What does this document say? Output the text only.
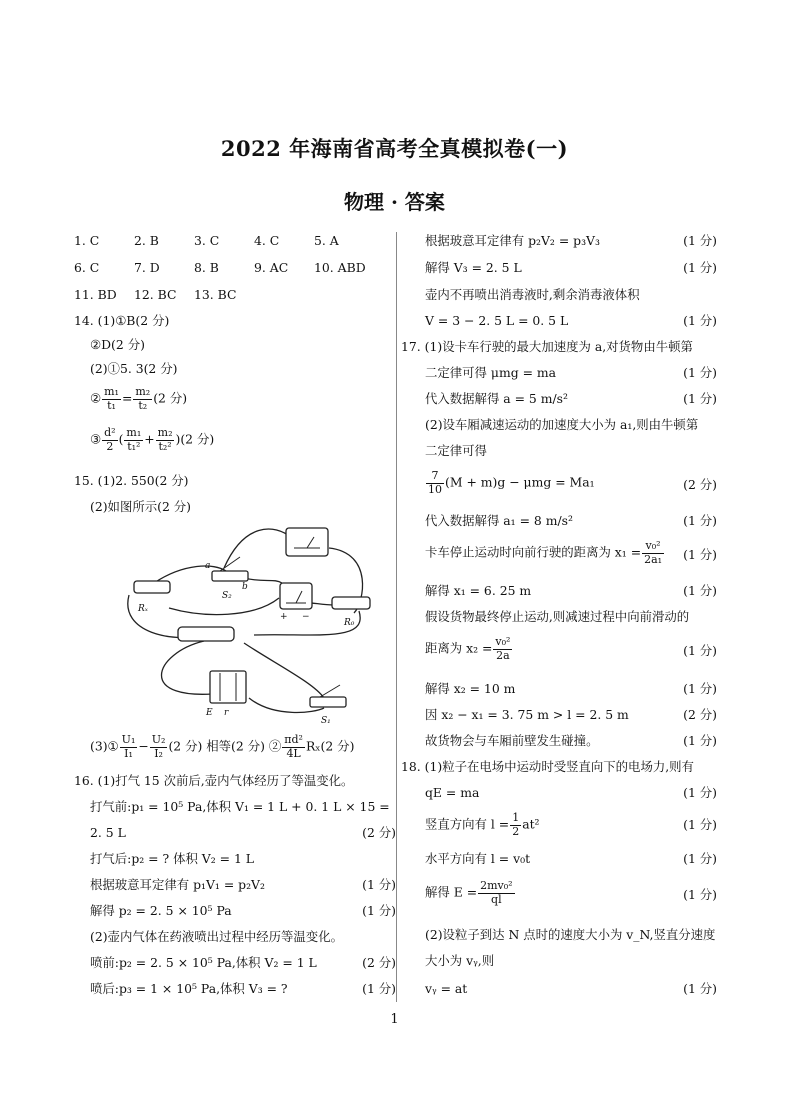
2022 年海南省高考全真模拟卷(一)
物理 · 答案
1. C	2. B	3. C	4. C	5. A
6. C	7. D	8. B	9. AC 10. ABD
11. BD 12. BC 13. BC
14. (1)①B(2 分)
②D(2 分)
(2)①5. 3(2 分)
② $\frac{\text{m₁}}{\text{t₁}} = \frac{\text{m₂}}{\text{t₂}} (2$ 分)
③ $\frac{\text{d²}}{2}$ ( $\frac{\text{m₁}}{\text{t₁²}} + \frac{\text{m₂}}{\text{t₂²}} )(2$ 分)
15. (1)2. 550(2 分)
(2)如图所示(2 分)
(3)① $\frac{\text{U₁}}{\text{I₁}} - \frac{\text{U₂}}{\text{I₂}} (2$ 分) 相等(2 分) ② $\frac{\text{πd²}}{4L} R_x(2$ 分)
16. (1)打气 15 次前后,壶内气体经历了等温变化。
打气前:p₁ = 10⁵ Pa,体积 V₁ = 1 L + 0. 1 L × 15 =
2. 5 L	(2 分)
打气后:p₂ = ? 体积 V₂ = 1 L
根据玻意耳定律有 p₁V₁ = p₂V₂	(1 分)
解得 p₂ = 2. 5 × 10⁵ Pa	(1 分)
(2)壶内气体在药液喷出过程中经历等温变化。
喷前:p₂ = 2. 5 × 10⁵ Pa,体积 V₂ = 1 L	(2 分)
喷后:p₃ = 1 × 10⁵ Pa,体积 V₃ = ?	(1 分)
a
b
S₂
Rₓ
R₀
E r
S₁
+ −
根据玻意耳定律有 p₂V₂ = p₃V₃	(1 分)
解得 V₃ = 2. 5 L	(1 分)
壶内不再喷出消毒液时,剩余消毒液体积
V = 3 − 2. 5 L = 0. 5 L	(1 分)
17. (1)设卡车行驶的最大加速度为 a,对货物由牛顿第
二定律可得 μmg = ma	(1 分)
代入数据解得 a = 5 m/s²	(1 分)
(2)设车厢减速运动的加速度大小为 a₁,则由牛顿第
二定律可得
$\frac{7}{10} (M + m)g - \mu mg = Ma_1$	(2 分)
代入数据解得 a₁ = 8 m/s²	(1 分)
卡车停止运动时向前行驶的距离为 $x_1 = \frac{\text{v₀²}}{\text{2a₁}} (1$ 分)
解得 x₁ = 6. 25 m	(1 分)
假设货物最终停止运动,则减速过程中向前滑动的
距离为 $x_2 = \frac{\text{v₀²}}{2a}$	(1 分)
解得 x₂ = 10 m	(1 分)
因 x₂ − x₁ = 3. 75 m > l = 2. 5 m	(2 分)
故货物会与车厢前壁发生碰撞。	(1 分)
18. (1)粒子在电场中运动时受竖直向下的电场力,则有
qE = ma	(1 分)
竖直方向有 $l = \frac{1}{2} at^2$	(1 分)
水平方向有 l = v₀t	(1 分)
解得 $E = \frac{\text{2mv₀²}}{ql}$	(1 分)
(2)设粒子到达 N 点时的速度大小为 v_N,竖直分速度
大小为 vᵧ,则
vᵧ = at	(1 分)
1
